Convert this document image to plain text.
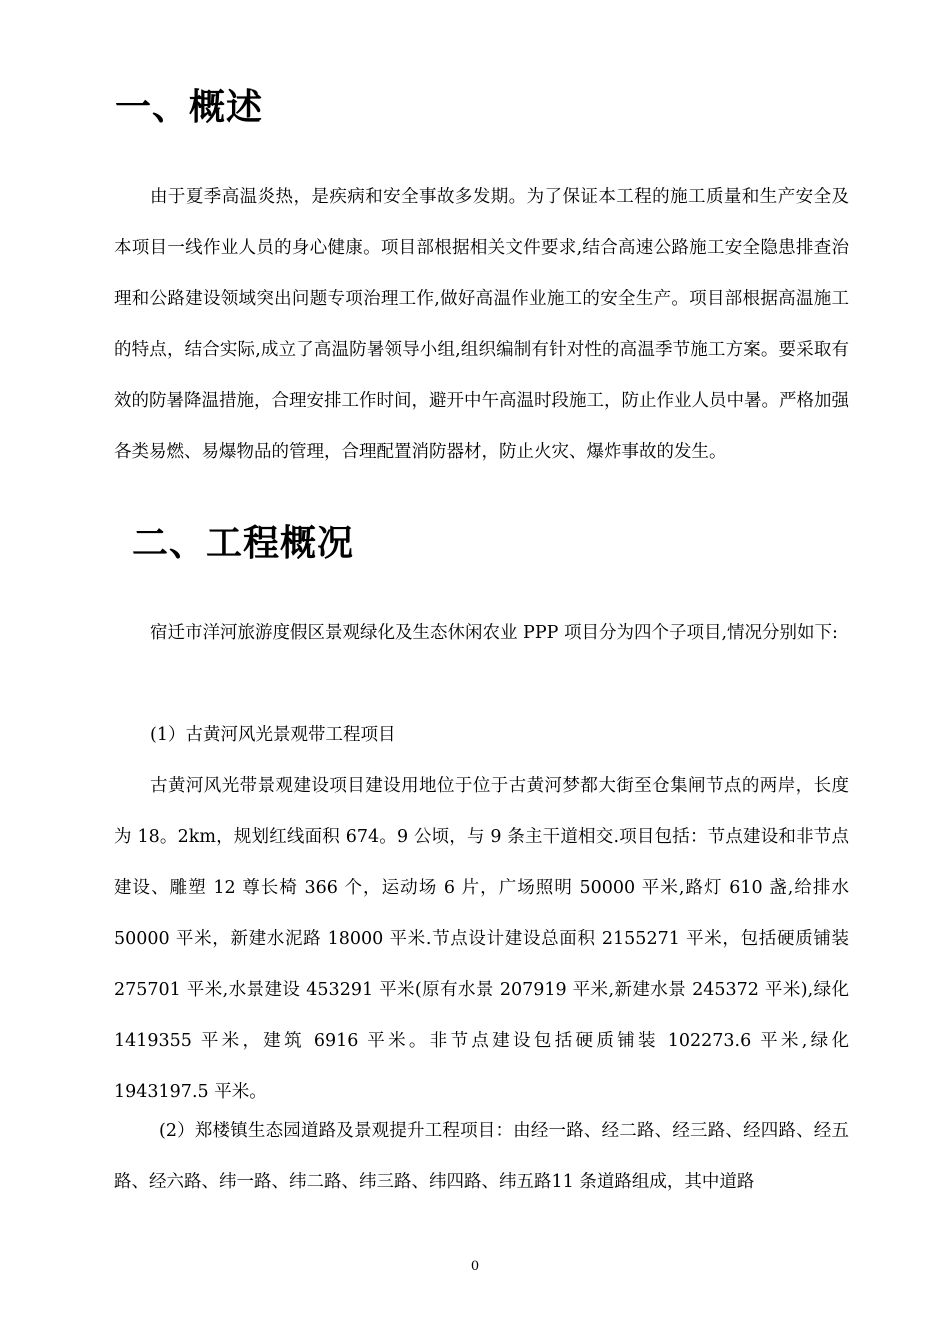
一、概述

由于夏季高温炎热，是疾病和安全事故多发期。为了保证本工程的施工质量和生产安全及本项目一线作业人员的身心健康。项目部根据相关文件要求,结合高速公路施工安全隐患排查治理和公路建设领域突出问题专项治理工作,做好高温作业施工的安全生产。项目部根据高温施工的特点，结合实际,成立了高温防暑领导小组,组织编制有针对性的高温季节施工方案。要采取有效的防暑降温措施，合理安排工作时间，避开中午高温时段施工，防止作业人员中暑。严格加强各类易燃、易爆物品的管理，合理配置消防器材，防止火灾、爆炸事故的发生。

二、工程概况

宿迁市洋河旅游度假区景观绿化及生态休闲农业 PPP 项目分为四个子项目,情况分别如下:

(1）古黄河风光景观带工程项目

古黄河风光带景观建设项目建设用地位于位于古黄河梦都大街至仓集闸节点的两岸，长度为 18。2km，规划红线面积 674。9 公顷，与 9 条主干道相交.项目包括：节点建设和非节点建设、雕塑 12 尊长椅 366 个，运动场 6 片，广场照明 50000 平米,路灯 610 盏,给排水 50000 平米，新建水泥路 18000 平米.节点设计建设总面积 2155271 平米，包括硬质铺装 275701 平米,水景建设 453291 平米(原有水景 207919 平米,新建水景 245372 平米),绿化 1419355 平米，建筑 6916 平米。非节点建设包括硬质铺装 102273.6 平米,绿化 1943197.5 平米。

(2）郑楼镇生态园道路及景观提升工程项目：由经一路、经二路、经三路、经四路、经五路、经六路、纬一路、纬二路、纬三路、纬四路、纬五路11 条道路组成，其中道路

0
